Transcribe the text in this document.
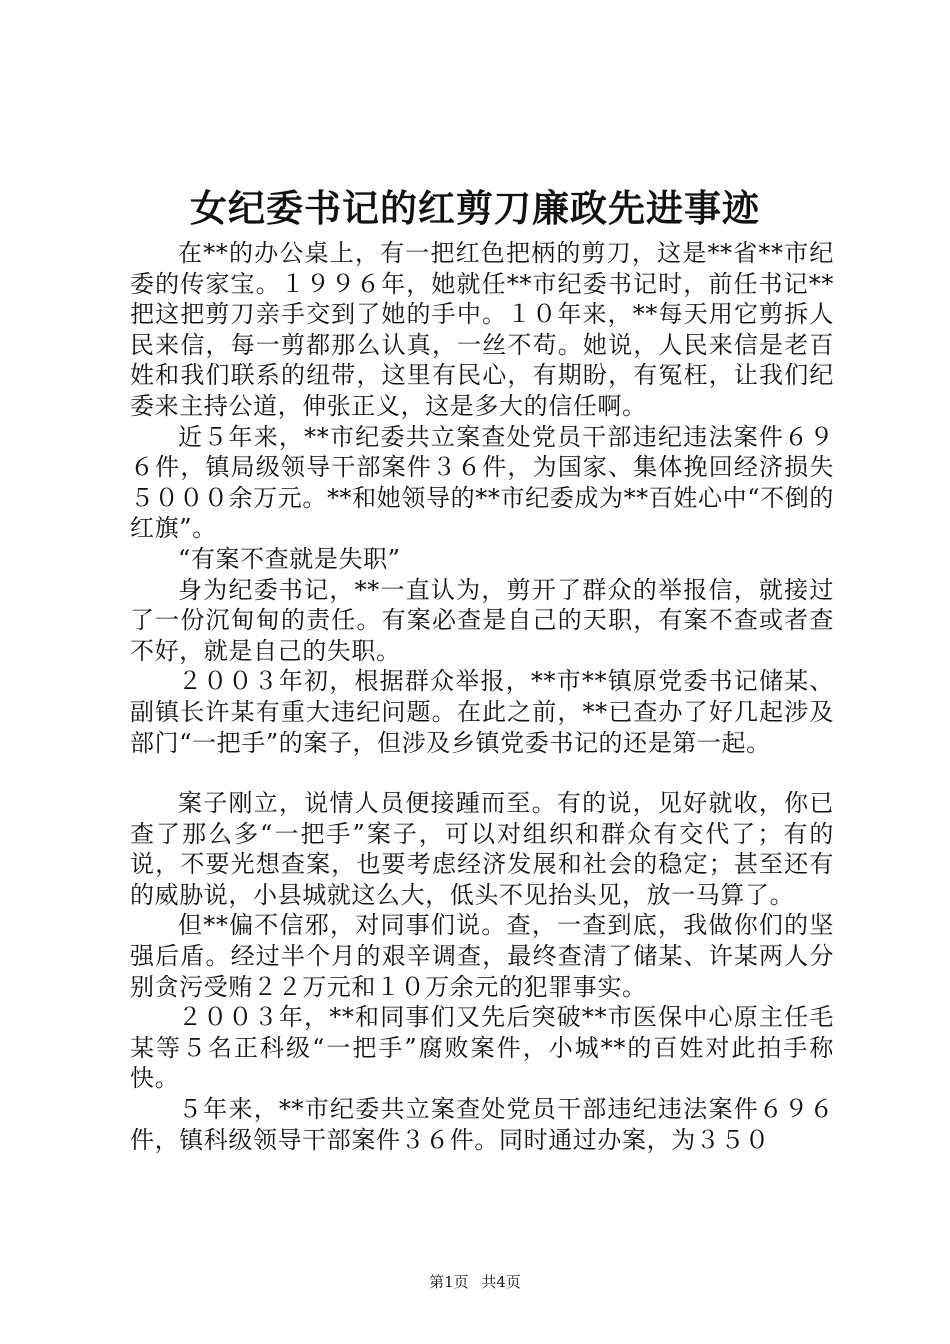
女纪委书记的红剪刀廉政先进事迹

在**的办公桌上，有一把红色把柄的剪刀，这是**省**市纪委的传家宝。１９９６年，她就任**市纪委书记时，前任书记**把这把剪刀亲手交到了她的手中。１０年来，**每天用它剪拆人民来信，每一剪都那么认真，一丝不苟。她说，人民来信是老百姓和我们联系的纽带，这里有民心，有期盼，有冤枉，让我们纪委来主持公道，伸张正义，这是多大的信任啊。

近５年来，**市纪委共立案查处党员干部违纪违法案件６９６件，镇局级领导干部案件３６件，为国家、集体挽回经济损失５０００余万元。**和她领导的**市纪委成为**百姓心中“不倒的红旗”。

“有案不查就是失职”

身为纪委书记，**一直认为，剪开了群众的举报信，就接过了一份沉甸甸的责任。有案必查是自己的天职，有案不查或者查不好，就是自己的失职。

２００３年初，根据群众举报，**市**镇原党委书记储某、副镇长许某有重大违纪问题。在此之前，**已查办了好几起涉及部门“一把手”的案子，但涉及乡镇党委书记的还是第一起。

案子刚立，说情人员便接踵而至。有的说，见好就收，你已查了那么多“一把手”案子，可以对组织和群众有交代了；有的说，不要光想查案，也要考虑经济发展和社会的稳定；甚至还有的威胁说，小县城就这么大，低头不见抬头见，放一马算了。

但**偏不信邪，对同事们说。查，一查到底，我做你们的坚强后盾。经过半个月的艰辛调查，最终查清了储某、许某两人分别贪污受贿２２万元和１０万余元的犯罪事实。

２００３年，**和同事们又先后突破**市医保中心原主任毛某等５名正科级“一把手”腐败案件，小城**的百姓对此拍手称快。

５年来，**市纪委共立案查处党员干部违纪违法案件６９６件，镇科级领导干部案件３６件。同时通过办案，为３５０

第1页 共4页
